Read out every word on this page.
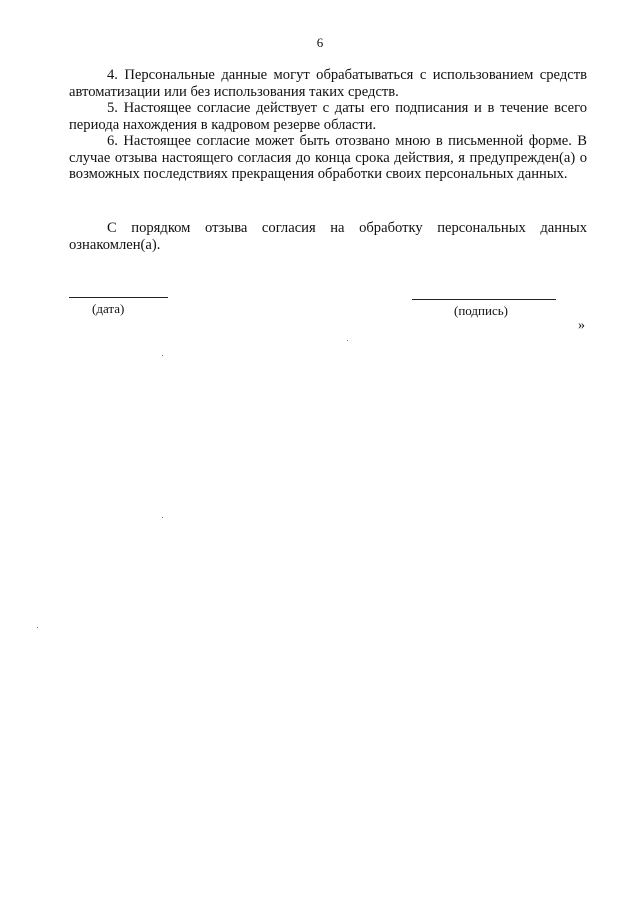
6

4. Персональные данные могут обрабатываться с использованием средств автоматизации или без использования таких средств.

5. Настоящее согласие действует с даты его подписания и в течение всего периода нахождения в кадровом резерве области.

6. Настоящее согласие может быть отозвано мною в письменной форме. В случае отзыва настоящего согласия до конца срока действия, я предупрежден(а) о возможных последствиях прекращения обработки своих персональных данных.

С порядком отзыва согласия на обработку персональных данных ознакомлен(а).

(дата)	(подпись)
»
